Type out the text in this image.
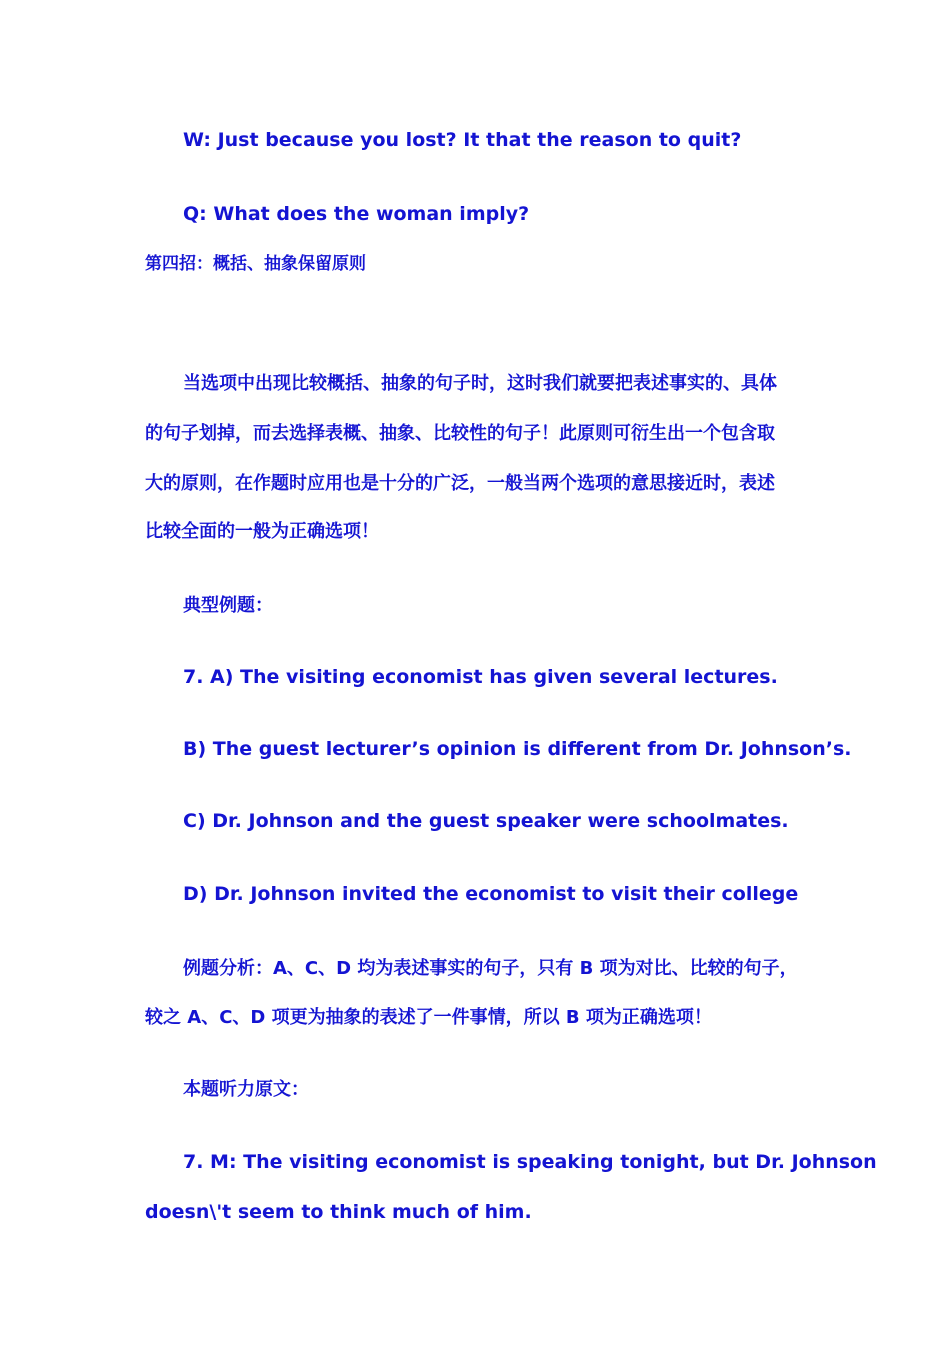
W: Just because you lost? It that the reason to quit?
Q: What does the woman imply?
第四招：概括、抽象保留原则
当选项中出现比较概括、抽象的句子时，这时我们就要把表述事实的、具体
的句子划掉，而去选择表概、抽象、比较性的句子！此原则可衍生出一个包含取
大的原则，在作题时应用也是十分的广泛，一般当两个选项的意思接近时，表述
比较全面的一般为正确选项！
典型例题：
7. A) The visiting economist has given several lectures.
B) The guest lecturer’s opinion is different from Dr. Johnson’s.
C) Dr. Johnson and the guest speaker were schoolmates.
D) Dr. Johnson invited the economist to visit their college
例题分析：A、C、D 均为表述事实的句子，只有 B 项为对比、比较的句子，
较之 A、C、D 项更为抽象的表述了一件事情，所以 B 项为正确选项！
本题听力原文：
7. M: The visiting economist is speaking tonight, but Dr. Johnson
doesn\'t seem to think much of him.
